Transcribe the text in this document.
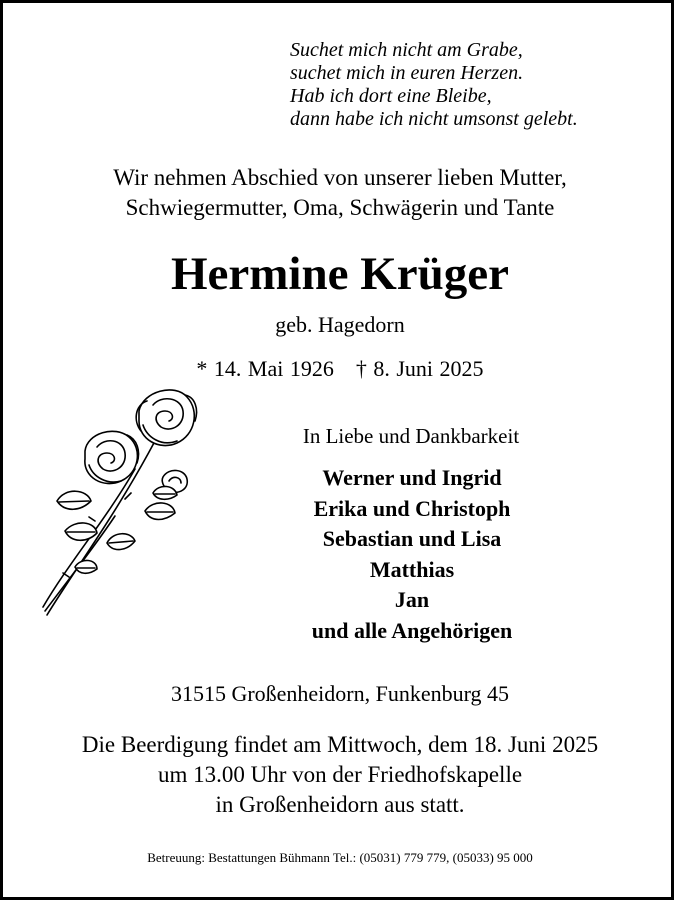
Suchet mich nicht am Grabe,
suchet mich in euren Herzen.
Hab ich dort eine Bleibe,
dann habe ich nicht umsonst gelebt.
Wir nehmen Abschied von unserer lieben Mutter,
Schwiegermutter, Oma, Schwägerin und Tante
Hermine Krüger
geb. Hagedorn
* 14. Mai 1926 † 8. Juni 2025
In Liebe und Dankbarkeit
Werner und Ingrid
Erika und Christoph
Sebastian und Lisa
Matthias
Jan
und alle Angehörigen
31515 Großenheidorn, Funkenburg 45
Die Beerdigung findet am Mittwoch, dem 18. Juni 2025
um 13.00 Uhr von der Friedhofskapelle
in Großenheidorn aus statt.
Betreuung: Bestattungen Bühmann Tel.: (05031) 779 779, (05033) 95 000
